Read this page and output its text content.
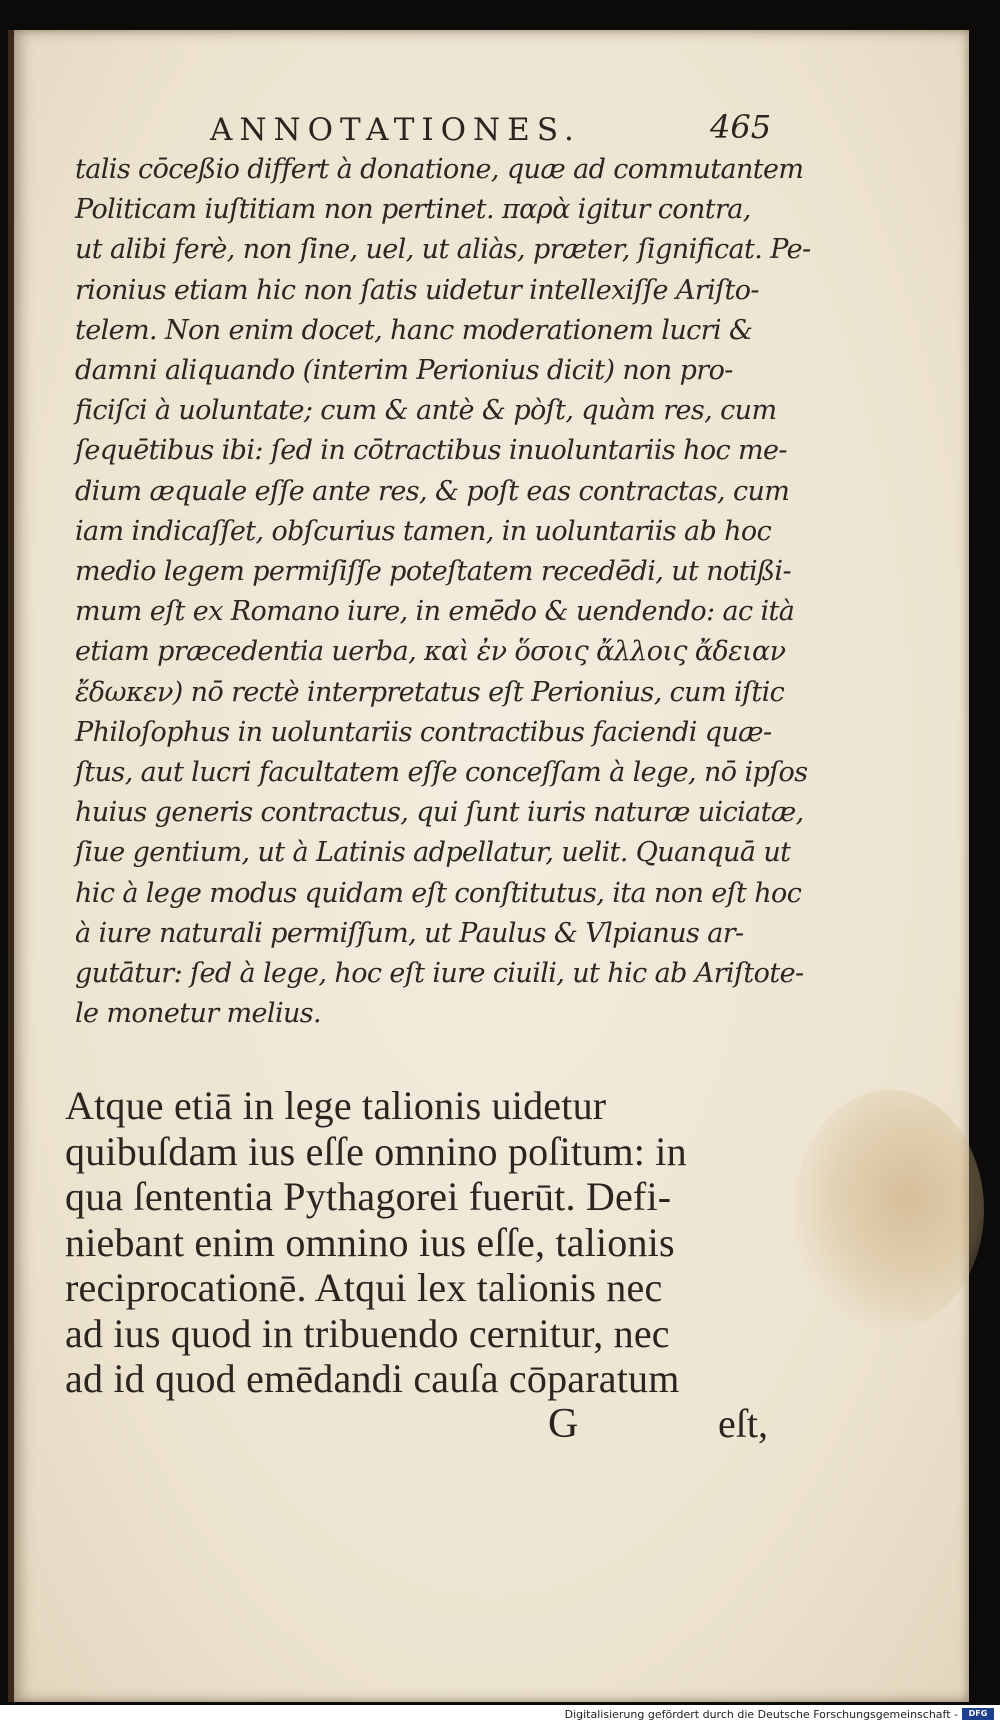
ANNOTATIONES.	465
talis cōceßio differt à donatione, quæ ad commutantem
Politicam iuſtitiam non pertinet. παρὰ igitur contra,
ut alibi ferè, non ſine, uel, ut aliàs, præter, ſignificat. Pe-
rionius etiam hic non ſatis uidetur intellexiſſe Ariſto-
telem. Non enim docet, hanc moderationem lucri &
damni aliquando (interim Perionius dicit) non pro-
ficiſci à uoluntate; cum & antè & pòſt, quàm res, cum
ſequētibus ibi: ſed in cōtractibus inuoluntariis hoc me-
dium æquale eſſe ante res, & poſt eas contractas, cum
iam indicaſſet, obſcurius tamen, in uoluntariis ab hoc
medio legem permiſiſſe poteſtatem recedēdi, ut notißi-
mum eſt ex Romano iure, in emēdo & uendendo: ac ità
etiam præcedentia uerba, καὶ ἐν ὅσοις ἄλλοις ἄδειαν
ἔδωκεν) nō rectè interpretatus eſt Perionius, cum iſtic
Philoſophus in uoluntariis contractibus faciendi quæ-
ſtus, aut lucri facultatem eſſe conceſſam à lege, nō ipſos
huius generis contractus, qui ſunt iuris naturæ uiciatæ,
ſiue gentium, ut à Latinis adpellatur, uelit. Quanquā ut
hic à lege modus quidam eſt conſtitutus, ita non eſt hoc
à iure naturali permiſſum, ut Paulus & Vlpianus ar-
gutātur: ſed à lege, hoc eſt iure ciuili, ut hic ab Ariſtote-
le monetur melius.
Atque etiā in lege talionis uidetur
quibuſdam ius eſſe omnino poſitum: in
qua ſententia Pythagorei fuerūt. Defi-
niebant enim omnino ius eſſe, talionis
reciprocationē. Atqui lex talionis nec
ad ius quod in tribuendo cernitur, nec
ad id quod emēdandi cauſa cōparatum
G	eſt,
Digitalisierung gefördert durch die Deutsche Forschungsgemeinschaft -	DFG
